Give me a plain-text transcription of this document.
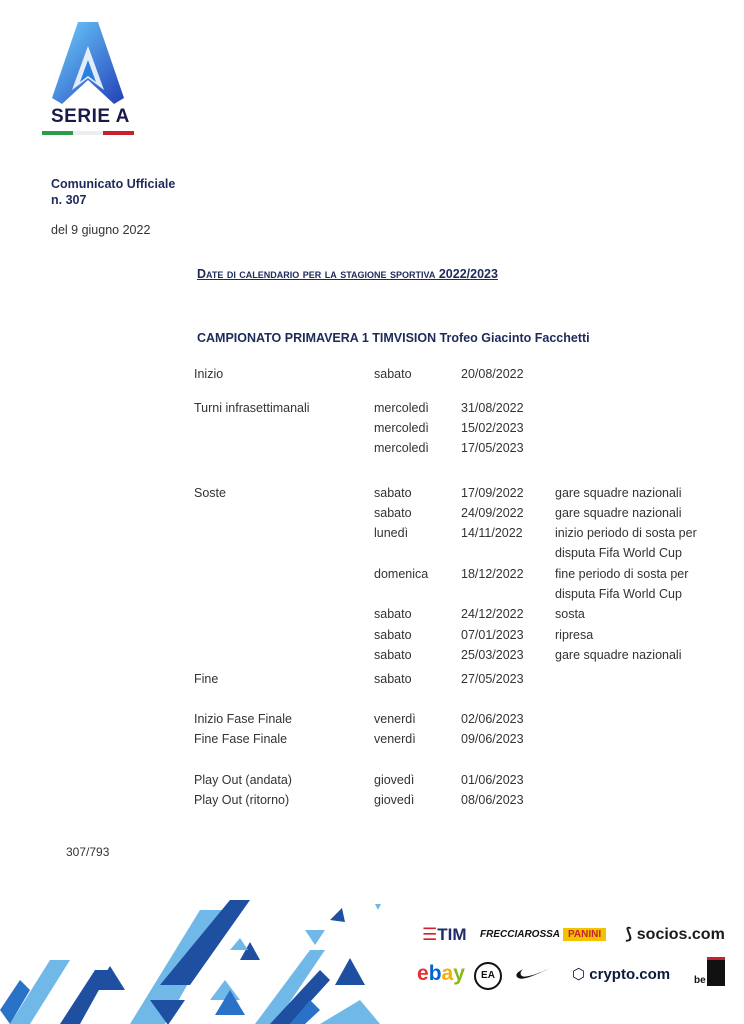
SERIE A
Comunicato Ufficiale
n. 307
del 9 giugno 2022
Date di calendario per la stagione sportiva 2022/2023
CAMPIONATO PRIMAVERA 1 TIMVISION Trofeo Giacinto Facchetti
Inizio	sabato	20/08/2022
Turni infrasettimanali	mercoledì	31/08/2022
mercoledì	15/02/2023
mercoledì	17/05/2023
Soste	sabato	17/09/2022	gare squadre nazionali
sabato	24/09/2022	gare squadre nazionali
lunedì	14/11/2022	inizio periodo di sosta per
disputa Fifa World Cup
domenica	18/12/2022	fine periodo di sosta per
disputa Fifa World Cup
sabato	24/12/2022	sosta
sabato	07/01/2023	ripresa
sabato	25/03/2023	gare squadre nazionali
Fine	sabato	27/05/2023
Inizio Fase Finale	venerdì	02/06/2023
Fine Fase Finale	venerdì	09/06/2023
Play Out (andata)	giovedì	01/06/2023
Play Out (ritorno)	giovedì	08/06/2023
307/793
☰TIM FRECCIAROSSA PANINI	⟆ socios.com
ebay	EA	⬡ crypto.com be
